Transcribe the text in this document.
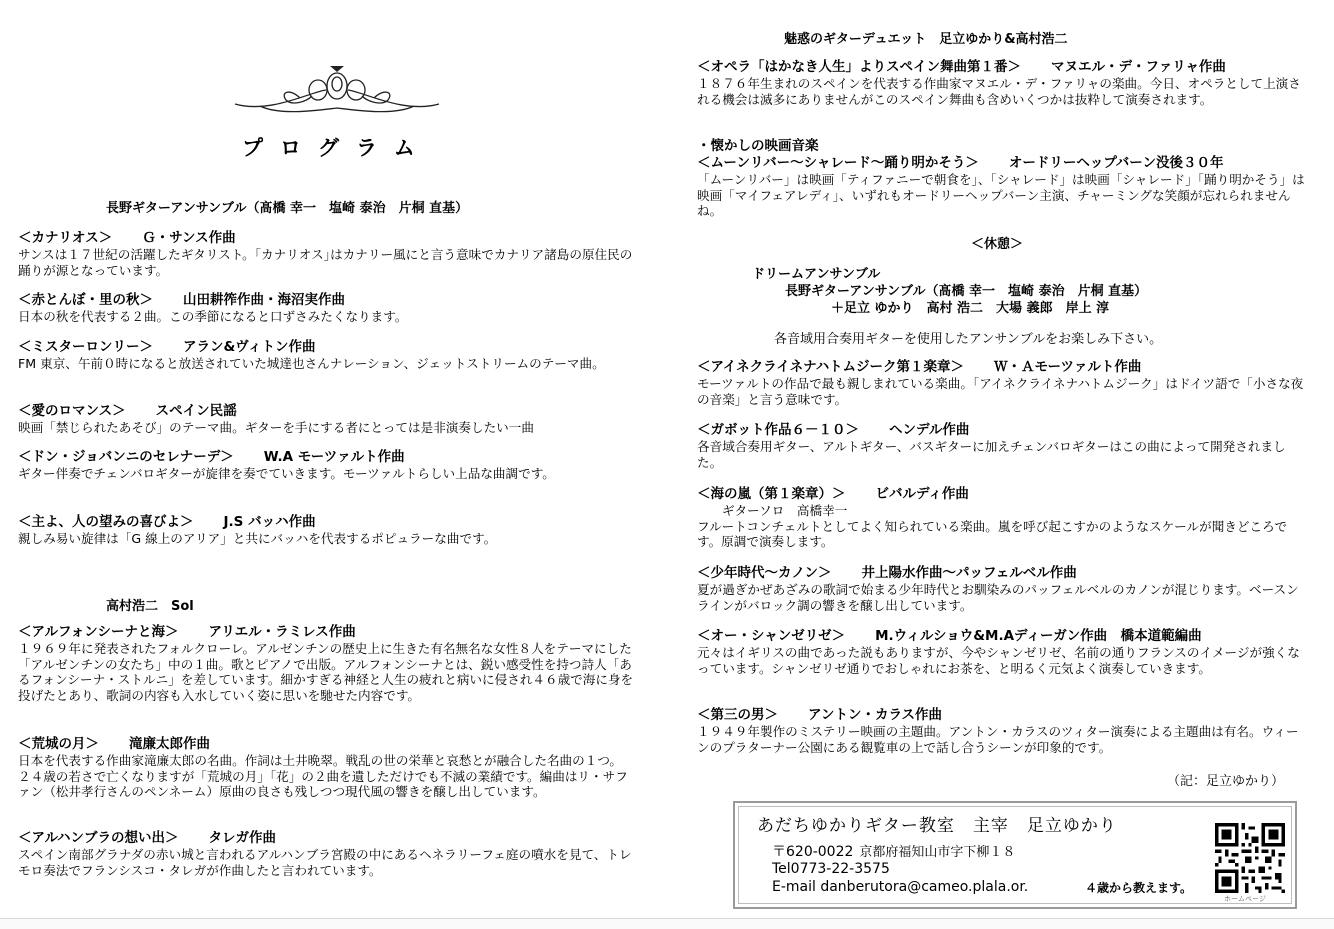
プログラム
長野ギターアンサンブル（髙橋 幸一　塩崎 泰治　片桐 直基）
＜カナリオス＞ Ｇ・サンス作曲
サンスは１７世紀の活躍したギタリスト。｢カナリオス｣はカナリー風にと言う意味でカナリア諸島の原住民の踊りが源となっています。
＜赤とんぼ・里の秋＞ 山田耕筰作曲・海沼実作曲
日本の秋を代表する２曲。この季節になると口ずさみたくなります。
＜ミスターロンリー＞ アラン&ヴィトン作曲
FM 東京、午前０時になると放送されていた城達也さんナレーション、ジェットストリームのテーマ曲。
＜愛のロマンス＞ スペイン民謡
映画「禁じられたあそび」のテーマ曲。ギターを手にする者にとっては是非演奏したい一曲
＜ドン・ジョバンニのセレナーデ＞ W.A モーツァルト作曲
ギター伴奏でチェンバロギターが旋律を奏でていきます。モーツァルトらしい上品な曲調です。
＜主よ、人の望みの喜びよ＞ J.S バッハ作曲
親しみ易い旋律は「G 線上のアリア」と共にバッハを代表するポピュラーな曲です。
高村浩二　Sol
＜アルフォンシーナと海＞ アリエル・ラミレス作曲
１９６９年に発表されたフォルクローレ。アルゼンチンの歴史上に生きた有名無名な女性８人をテーマにした「アルゼンチンの女たち」中の１曲。歌とピアノで出版。アルフォンシーナとは、鋭い感受性を持つ詩人「あるフォンシーナ・ストルニ」を差しています。細かすぎる神経と人生の疲れと病いに侵され４６歳で海に身を投げたとあり、歌詞の内容も入水していく姿に思いを馳せた内容です。
＜荒城の月＞ 滝廉太郎作曲
日本を代表する作曲家滝廉太郎の名曲。作詞は土井晩翠。戦乱の世の栄華と哀愁とが融合した名曲の１つ。２４歳の若さで亡くなりますが「荒城の月」「花」の２曲を遺しただけでも不滅の業績です。編曲はリ・サファン（松井孝行さんのペンネーム）原曲の良さも残しつつ現代風の響きを醸し出しています。
＜アルハンブラの想い出＞ タレガ作曲
スペイン南部グラナダの赤い城と言われるアルハンブラ宮殿の中にあるヘネラリーフェ庭の噴水を見て、トレモロ奏法でフランシスコ・タレガが作曲したと言われています。
魅惑のギターデュエット　足立ゆかり&高村浩二
＜オペラ「はかなき人生」よりスペイン舞曲第１番＞ マヌエル・デ・ファリャ作曲
１８７６年生まれのスペインを代表する作曲家マヌエル・デ・ファリャの楽曲。今日、オペラとして上演される機会は滅多にありませんがこのスペイン舞曲も含めいくつかは抜粋して演奏されます。
・懐かしの映画音楽
＜ムーンリバー～シャレード～踊り明かそう＞ オードリーヘップバーン没後３０年
「ムーンリバー」は映画「ティファニーで朝食を」、「シャレード」は映画「シャレード」「踊り明かそう」は映画「マイフェアレディ」、いずれもオードリーヘップバーン主演、チャーミングな笑顔が忘れられませんね。
＜休憩＞
ドリームアンサンブル
長野ギターアンサンブル（髙橋 幸一　塩崎 泰治　片桐 直基）
＋足立 ゆかり　高村 浩二　大場 義郎　岸上 淳
各音域用合奏用ギターを使用したアンサンブルをお楽しみ下さい。
＜アイネクライネナハトムジーク第１楽章＞ Ｗ・Ａモーツァルト作曲
モーツァルトの作品で最も親しまれている楽曲。「アイネクライネナハトムジーク」はドイツ語で「小さな夜の音楽」と言う意味です。
＜ガボット作品６－１０＞ ヘンデル作曲
各音域合奏用ギター、アルトギター、バスギターに加えチェンバロギターはこの曲によって開発されました。
＜海の嵐（第１楽章）＞ ビバルディ作曲
ギターソロ　高橋幸一
フルートコンチェルトとしてよく知られている楽曲。嵐を呼び起こすかのようなスケールが聞きどころです。原調で演奏します。
＜少年時代～カノン＞ 井上陽水作曲～パッフェルベル作曲
夏が過ぎかぜあざみの歌詞で始まる少年時代とお馴染みのパッフェルベルのカノンが混じります。ベースンラインがバロック調の響きを醸し出しています。
＜オー・シャンゼリゼ＞ M.ウィルショウ&M.Aディーガン作曲　橋本道範編曲
元々はイギリスの曲であった説もありますが、今やシャンゼリゼ、名前の通りフランスのイメージが強くなっています。シャンゼリゼ通りでおしゃれにお茶を、と明るく元気よく演奏していきます。
＜第三の男＞ アントン・カラス作曲
１９４９年製作のミステリー映画の主題曲。アントン・カラスのツィター演奏による主題曲は有名。ウィーンのプラターナー公園にある観覧車の上で話し合うシーンが印象的です。
（記：足立ゆかり）
あだちゆかりギター教室　主宰　足立ゆかり
〒620-0022 京都府福知山市字下柳１８
Tel0773-22-3575
E-mail danberutora@cameo.plala.or.	４歳から教えます。
ホームページ
